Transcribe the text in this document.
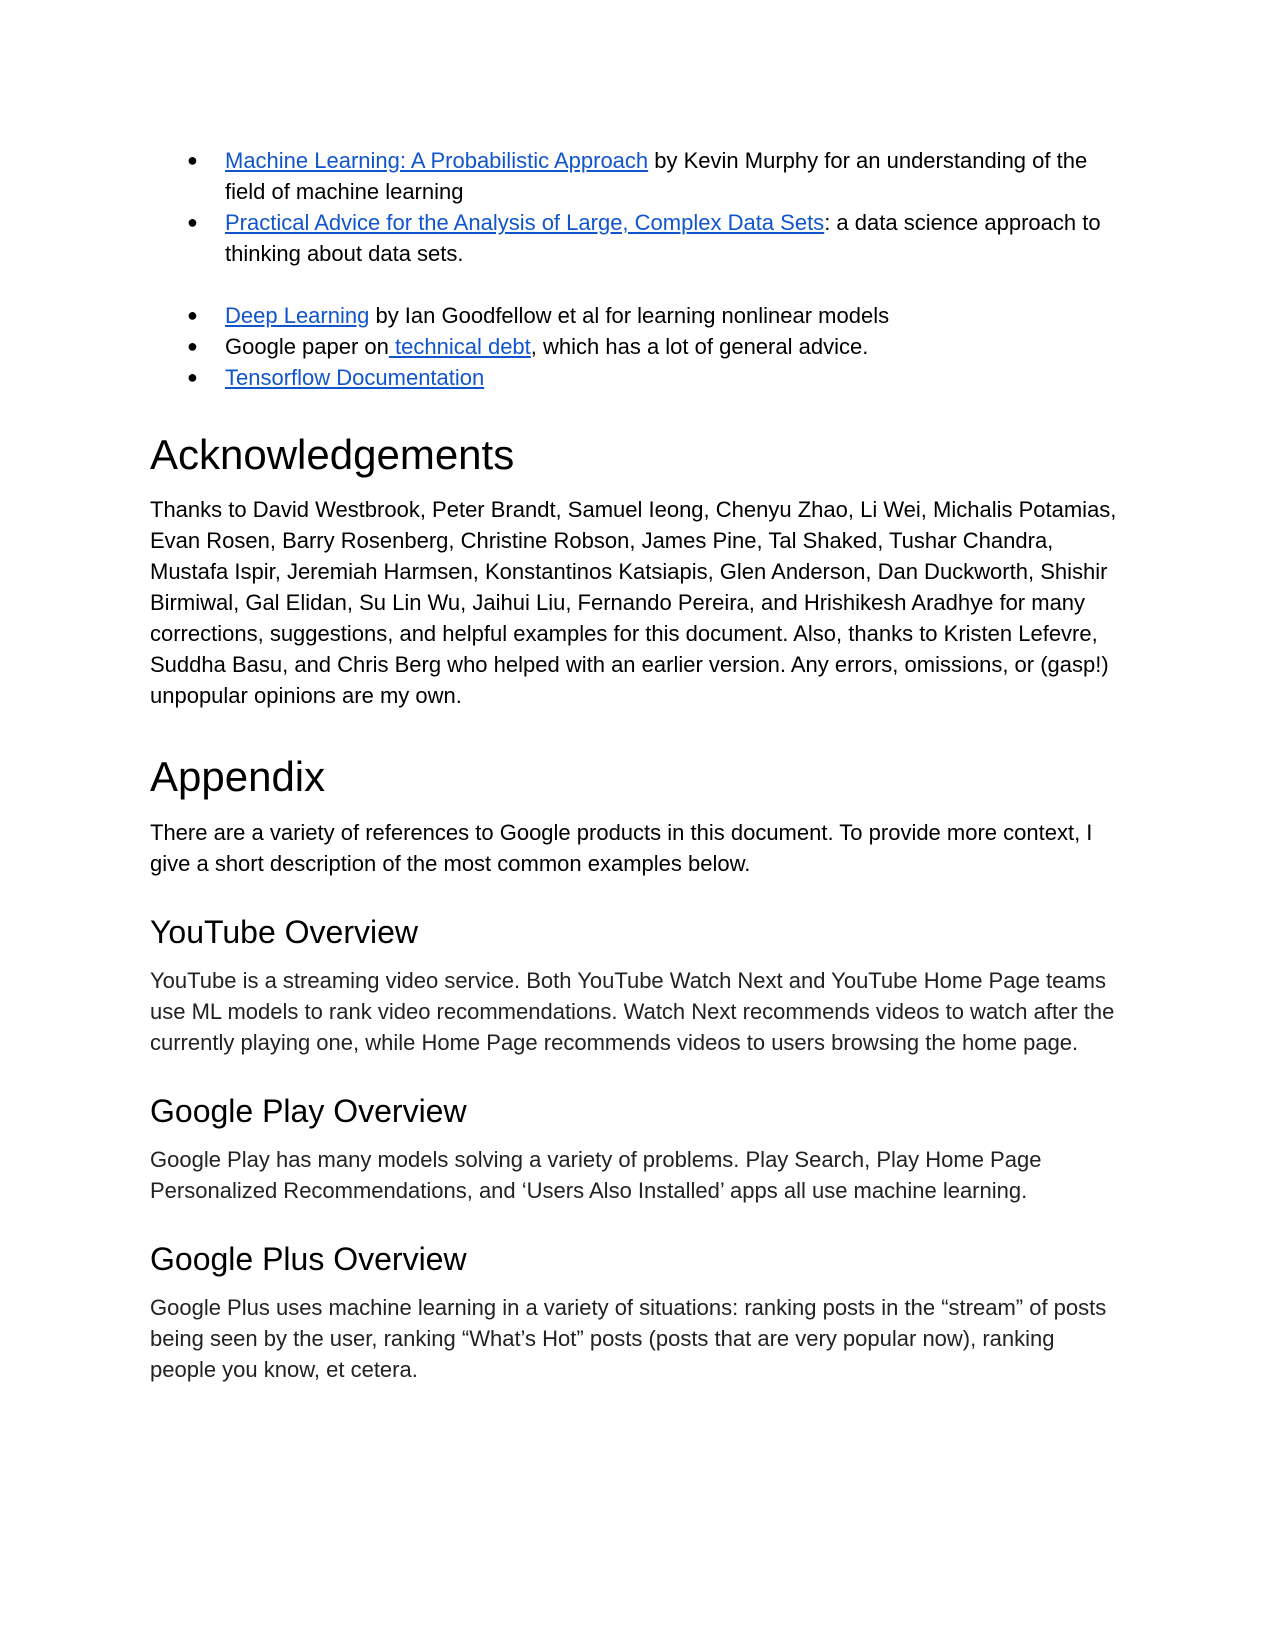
● Machine Learning: A Probabilistic Approach by Kevin Murphy for an understanding of the field of machine learning
● Practical Advice for the Analysis of Large, Complex Data Sets: a data science approach to thinking about data sets.
● Deep Learning by Ian Goodfellow et al for learning nonlinear models
● Google paper on technical debt, which has a lot of general advice.
● Tensorflow Documentation
Acknowledgements

Thanks to David Westbrook, Peter Brandt, Samuel Ieong, Chenyu Zhao, Li Wei, Michalis Potamias, Evan Rosen, Barry Rosenberg, Christine Robson, James Pine, Tal Shaked, Tushar Chandra, Mustafa Ispir, Jeremiah Harmsen, Konstantinos Katsiapis, Glen Anderson, Dan Duckworth, Shishir Birmiwal, Gal Elidan, Su Lin Wu, Jaihui Liu, Fernando Pereira, and Hrishikesh Aradhye for many corrections, suggestions, and helpful examples for this document. Also, thanks to Kristen Lefevre, Suddha Basu, and Chris Berg who helped with an earlier version. Any errors, omissions, or (gasp!) unpopular opinions are my own.

Appendix

There are a variety of references to Google products in this document. To provide more context, I give a short description of the most common examples below.

YouTube Overview

YouTube is a streaming video service. Both YouTube Watch Next and YouTube Home Page teams use ML models to rank video recommendations. Watch Next recommends videos to watch after the currently playing one, while Home Page recommends videos to users browsing the home page.

Google Play Overview

Google Play has many models solving a variety of problems. Play Search, Play Home Page Personalized Recommendations, and ‘Users Also Installed’ apps all use machine learning.

Google Plus Overview

Google Plus uses machine learning in a variety of situations: ranking posts in the “stream” of posts being seen by the user, ranking “What’s Hot” posts (posts that are very popular now), ranking people you know, et cetera.
